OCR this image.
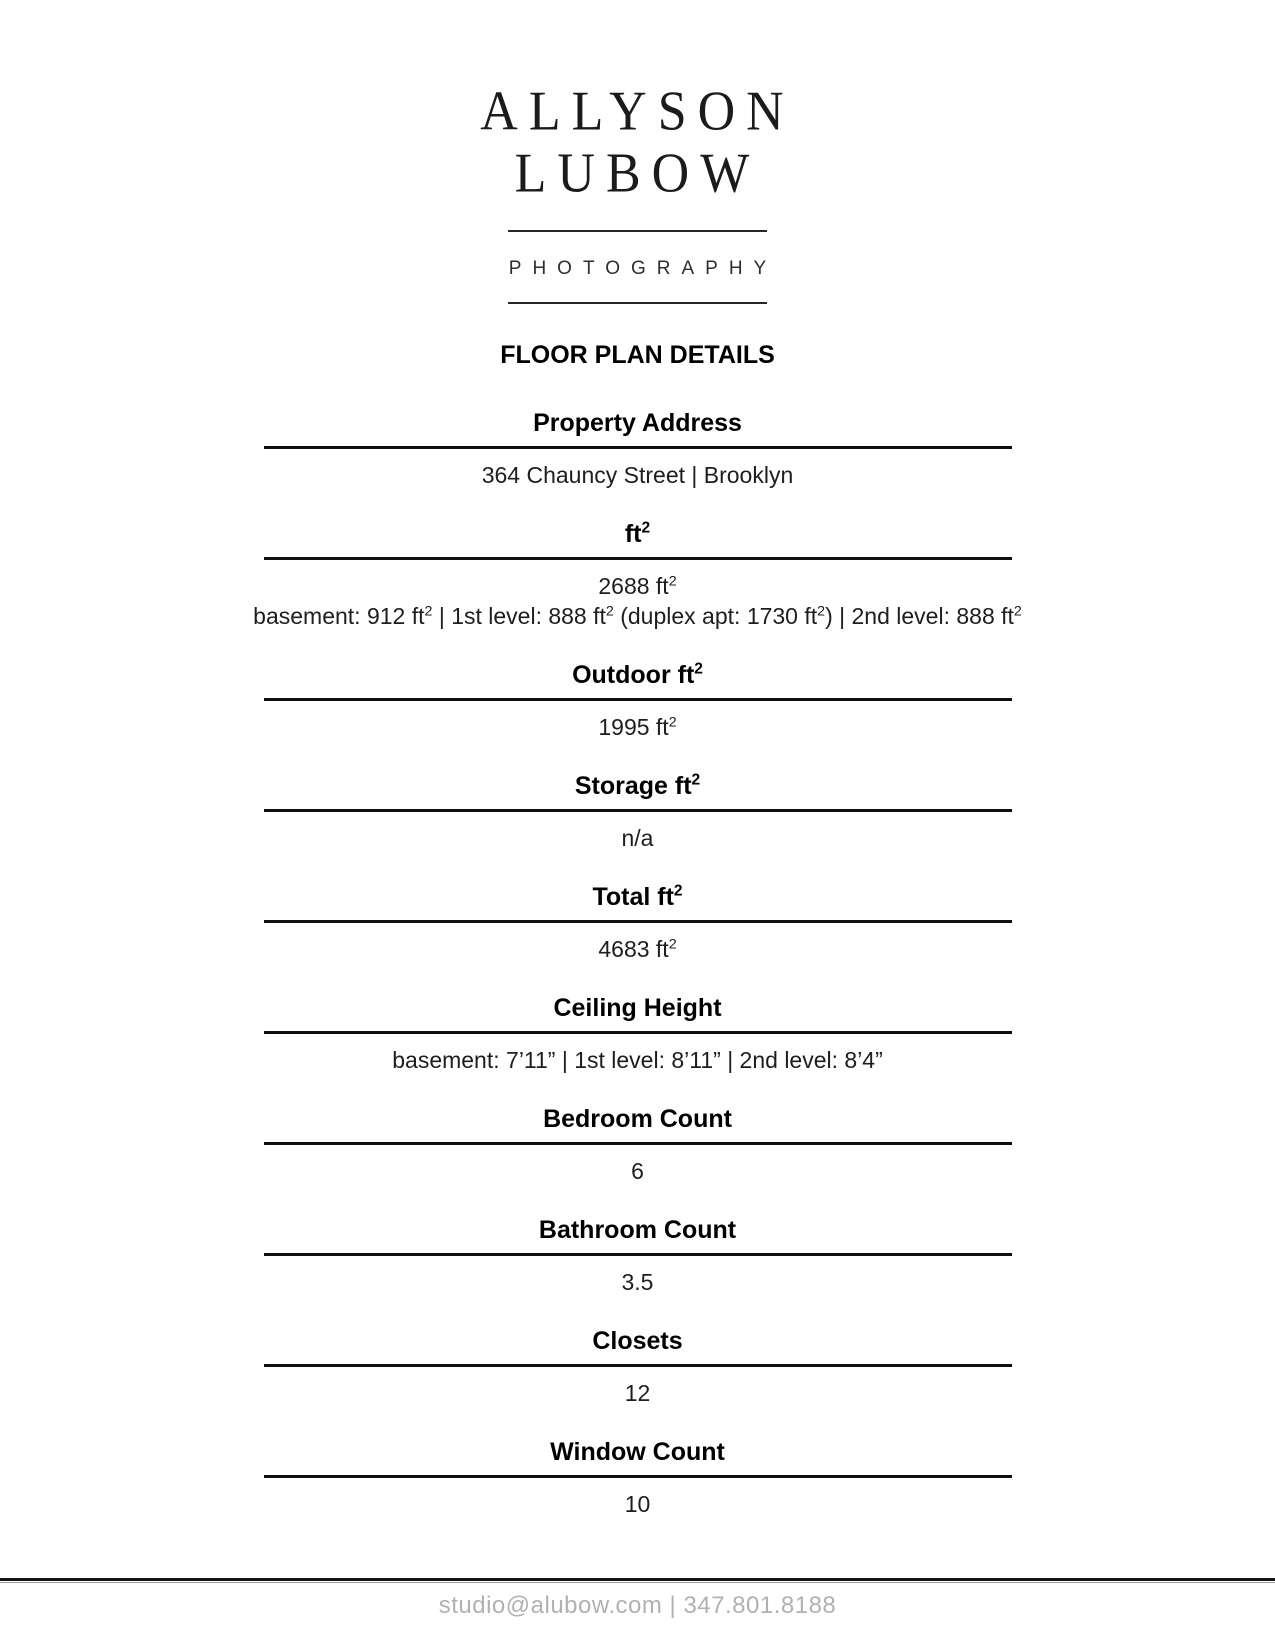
ALLYSON
LUBOW
PHOTOGRAPHY
FLOOR PLAN DETAILS
Property Address

364 Chauncy Street | Brooklyn

$ft^2$

2688 $ft^2$

basement: 912 $ft^2$ | 1st level: 888 $ft^2$ (duplex apt: 1730 $ft^2$) | 2nd level: 888 $ft^2$

Outdoor $ft^2$

1995 $ft^2$

Storage $ft^2$

n/a

Total $ft^2$

4683 $ft^2$

Ceiling Height

basement: 7’11” | 1st level: 8’11” | 2nd level: 8’4”

Bedroom Count

6

Bathroom Count

3.5

Closets

12

Window Count

10

studio@alubow.com | 347.801.8188
